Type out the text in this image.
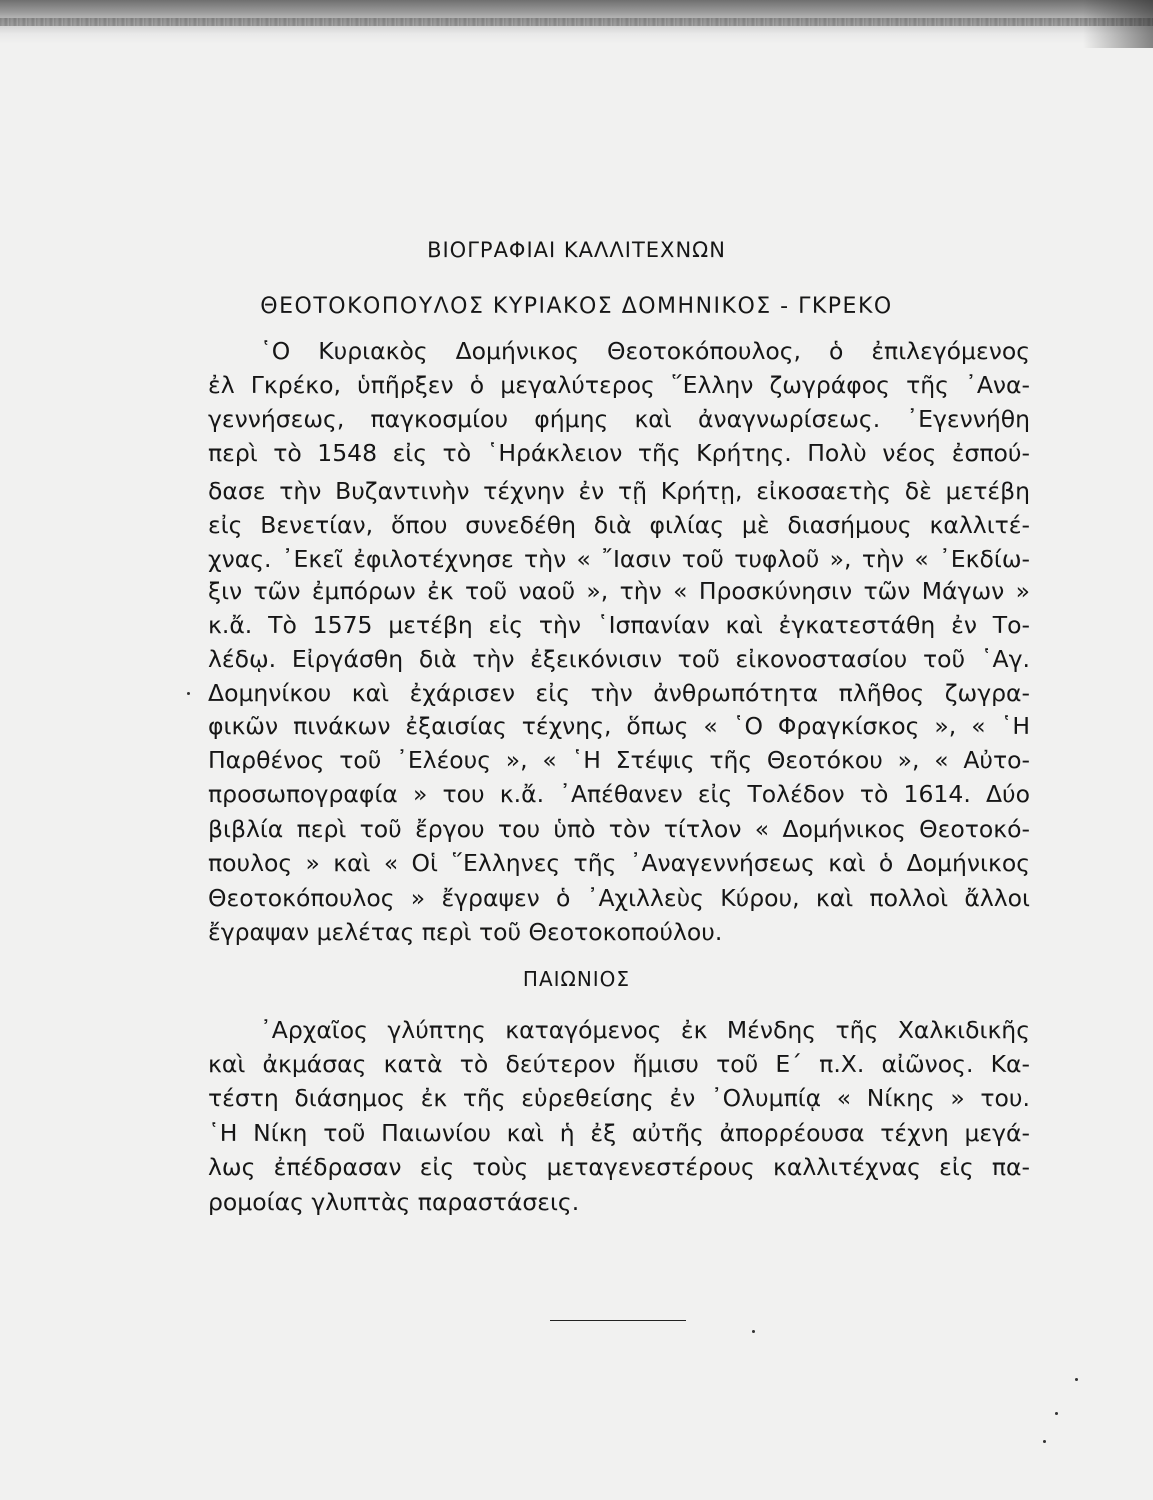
ΒΙΟΓΡΑΦΙΑΙ ΚΑΛΛΙΤΕΧΝΩΝ
ΘΕΟΤΟΚΟΠΟΥΛΟΣ ΚΥΡΙΑΚΟΣ ΔΟΜΗΝΙΚΟΣ - ΓΚΡΕΚΟ
῾Ο Κυριακὸς Δομήνικος Θεοτοκόπουλος, ὁ ἐπιλεγόμενος
ἐλ Γκρέκο, ὑπῆρξεν ὁ μεγαλύτερος ῞Ελλην ζωγράφος τῆς ᾿Ανα-
γεννήσεως, παγκοσμίου φήμης καὶ ἀναγνωρίσεως. ᾿Εγεννήθη
περὶ τὸ 1548 εἰς τὸ ῾Ηράκλειον τῆς Κρήτης. Πολὺ νέος ἐσπού-
δασε τὴν Βυζαντινὴν τέχνην ἐν τῇ Κρήτῃ, εἰκοσαετὴς δὲ μετέβη
εἰς Βενετίαν, ὅπου συνεδέθη διὰ φιλίας μὲ διασήμους καλλιτέ-
χνας. ᾿Εκεῖ ἐφιλοτέχνησε τὴν « ῎Ιασιν τοῦ τυφλοῦ », τὴν « ᾿Εκδίω-
ξιν τῶν ἐμπόρων ἐκ τοῦ ναοῦ », τὴν « Προσκύνησιν τῶν Μάγων »
κ.ἄ. Τὸ 1575 μετέβη εἰς τὴν ῾Ισπανίαν καὶ ἐγκατεστάθη ἐν Το-
λέδῳ. Εἰργάσθη διὰ τὴν ἐξεικόνισιν τοῦ εἰκονοστασίου τοῦ ῾Αγ.
Δομηνίκου καὶ ἐχάρισεν εἰς τὴν ἀνθρωπότητα πλῆθος ζωγρα-
φικῶν πινάκων ἐξαισίας τέχνης, ὅπως « ῾Ο Φραγκίσκος », « ῾Η
Παρθένος τοῦ ᾿Ελέους », « ῾Η Στέψις τῆς Θεοτόκου », « Αὐτο-
προσωπογραφία » του κ.ἄ. ᾿Απέθανεν εἰς Τολέδον τὸ 1614. Δύο
βιβλία περὶ τοῦ ἔργου του ὑπὸ τὸν τίτλον « Δομήνικος Θεοτοκό-
πουλος » καὶ « Οἱ ῞Ελληνες τῆς ᾿Αναγεννήσεως καὶ ὁ Δομήνικος
Θεοτοκόπουλος » ἔγραψεν ὁ ᾿Αχιλλεὺς Κύρου, καὶ πολλοὶ ἄλλοι
ἔγραψαν μελέτας περὶ τοῦ Θεοτοκοπούλου.
ΠΑΙΩΝΙΟΣ
᾿Αρχαῖος γλύπτης καταγόμενος ἐκ Μένδης τῆς Χαλκιδικῆς
καὶ ἀκμάσας κατὰ τὸ δεύτερον ἥμισυ τοῦ Ε´ π.Χ. αἰῶνος. Κα-
τέστη διάσημος ἐκ τῆς εὑρεθείσης ἐν ᾿Ολυμπίᾳ « Νίκης » του.
῾Η Νίκη τοῦ Παιωνίου καὶ ἡ ἐξ αὐτῆς ἀπορρέουσα τέχνη μεγά-
λως ἐπέδρασαν εἰς τοὺς μεταγενεστέρους καλλιτέχνας εἰς πα-
ρομοίας γλυπτὰς παραστάσεις.
